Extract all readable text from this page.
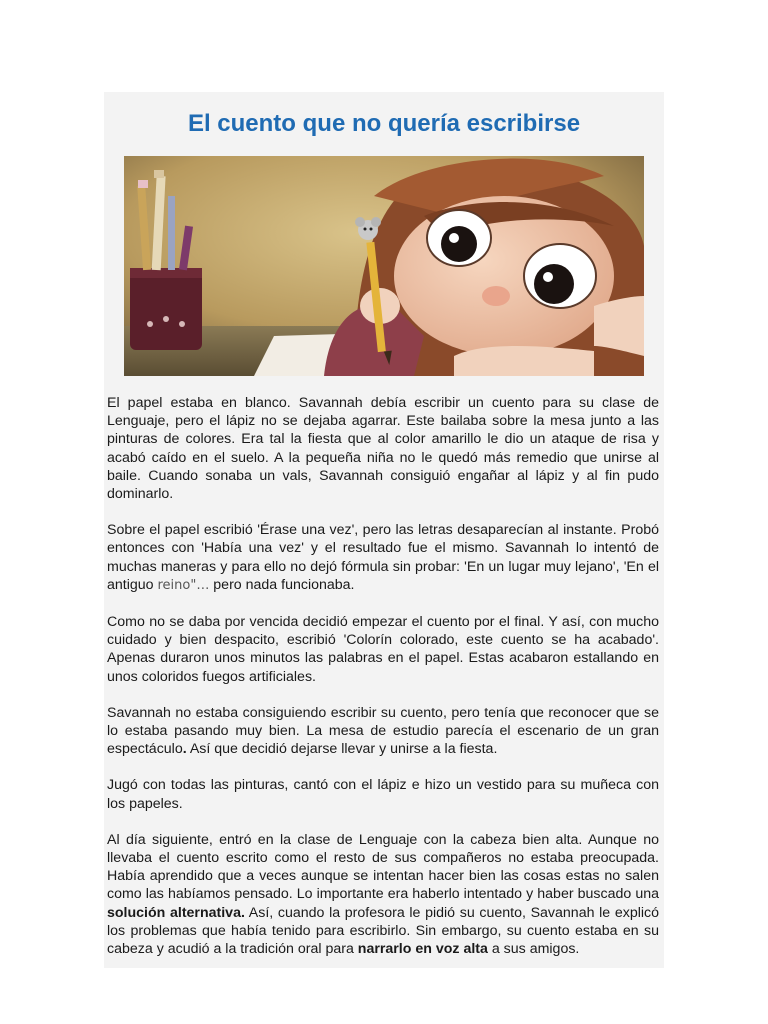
El cuento que no quería escribirse

El papel estaba en blanco. Savannah debía escribir un cuento para su clase de Lenguaje, pero el lápiz no se dejaba agarrar. Este bailaba sobre la mesa junto a las pinturas de colores. Era tal la fiesta que al color amarillo le dio un ataque de risa y acabó caído en el suelo. A la pequeña niña no le quedó más remedio que unirse al baile. Cuando sonaba un vals, Savannah consiguió engañar al lápiz y al fin pudo dominarlo.

Sobre el papel escribió 'Érase una vez', pero las letras desaparecían al instante. Probó entonces con 'Había una vez' y el resultado fue el mismo. Savannah lo intentó de muchas maneras y para ello no dejó fórmula sin probar: 'En un lugar muy lejano', 'En el antiguo reino"… pero nada funcionaba.

Como no se daba por vencida decidió empezar el cuento por el final. Y así, con mucho cuidado y bien despacito, escribió 'Colorín colorado, este cuento se ha acabado'. Apenas duraron unos minutos las palabras en el papel. Estas acabaron estallando en unos coloridos fuegos artificiales.

Savannah no estaba consiguiendo escribir su cuento, pero tenía que reconocer que se lo estaba pasando muy bien. La mesa de estudio parecía el escenario de un gran espectáculo. Así que decidió dejarse llevar y unirse a la fiesta.

Jugó con todas las pinturas, cantó con el lápiz e hizo un vestido para su muñeca con los papeles.

Al día siguiente, entró en la clase de Lenguaje con la cabeza bien alta. Aunque no llevaba el cuento escrito como el resto de sus compañeros no estaba preocupada. Había aprendido que a veces aunque se intentan hacer bien las cosas estas no salen como las habíamos pensado. Lo importante era haberlo intentado y haber buscado una solución alternativa. Así, cuando la profesora le pidió su cuento, Savannah le explicó los problemas que había tenido para escribirlo. Sin embargo, su cuento estaba en su cabeza y acudió a la tradición oral para narrarlo en voz alta a sus amigos.
